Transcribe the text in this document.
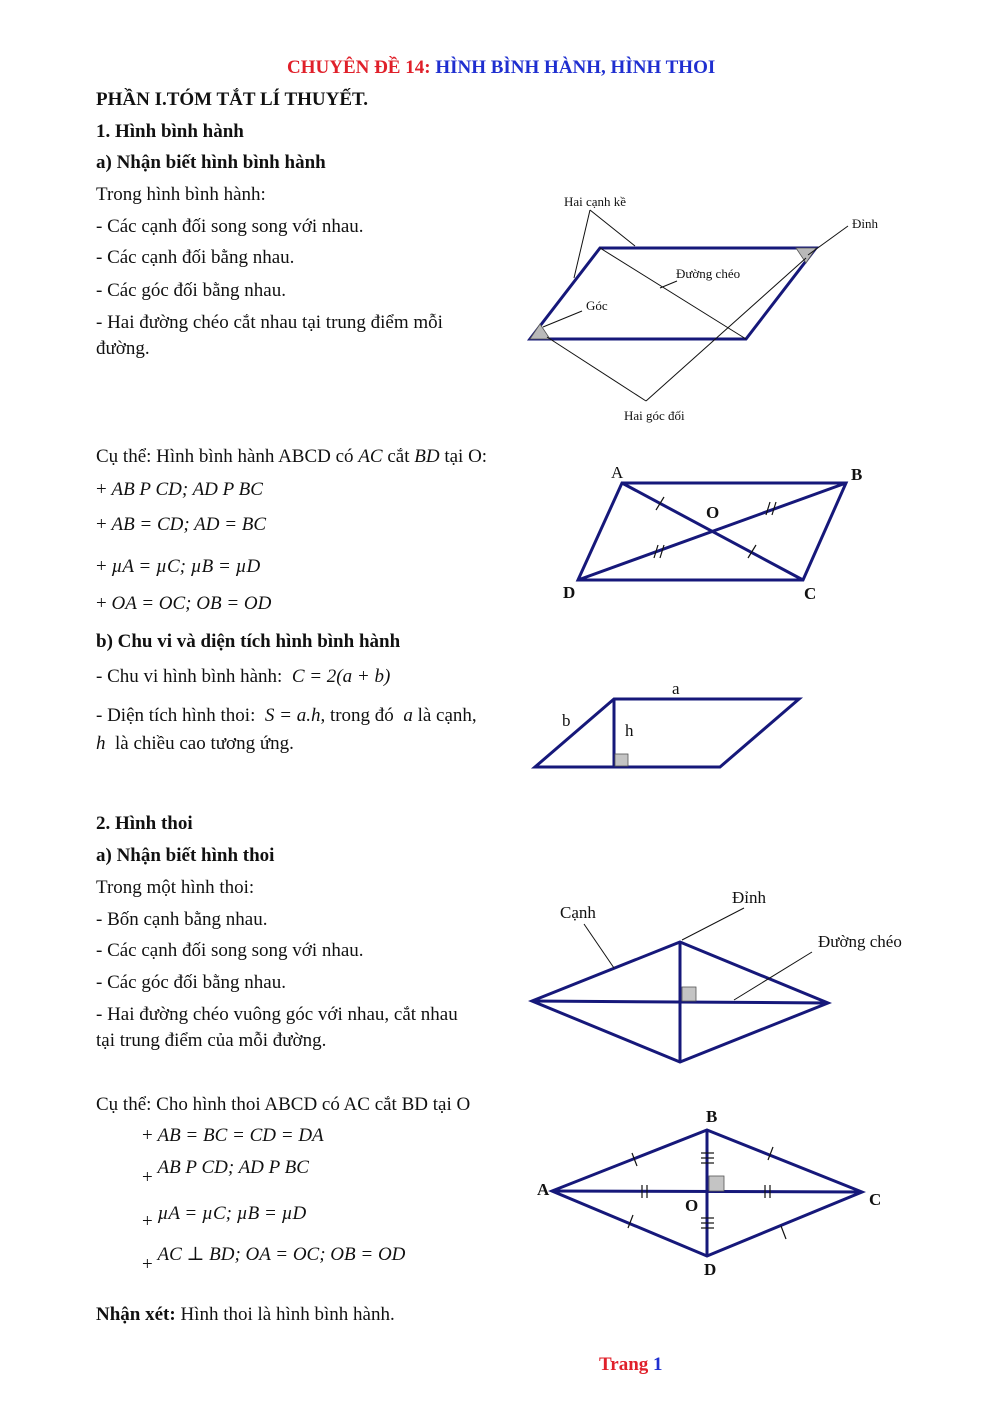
CHUYÊN ĐỀ 14: HÌNH BÌNH HÀNH, HÌNH THOI
PHẦN I.TÓM TẮT LÍ THUYẾT.
1. Hình bình hành
a) Nhận biết hình bình hành
Trong hình bình hành:
- Các cạnh đối song song với nhau.
- Các cạnh đối bằng nhau.
- Các góc đối bằng nhau.
- Hai đường chéo cắt nhau tại trung điểm mỗi
đường.
Hai cạnh kề
Đỉnh
Đường chéo
Góc
Hai góc đối
Cụ thể: Hình bình hành ABCD có AC cắt BD tại O:
+ AB P CD; AD P BC
+ AB = CD; AD = BC
+ µA = µC; µB = µD
+ OA = OC; OB = OD
A	B
C
D
O
b) Chu vi và diện tích hình bình hành
- Chu vi hình bình hành: C = 2(a + b)
- Diện tích hình thoi: S = a.h, trong đó a là cạnh,
h là chiều cao tương ứng.
a
b
h
2. Hình thoi
a) Nhận biết hình thoi
Trong một hình thoi:
- Bốn cạnh bằng nhau.
- Các cạnh đối song song với nhau.
- Các góc đối bằng nhau.
- Hai đường chéo vuông góc với nhau, cắt nhau
tại trung điểm của mỗi đường.
Cạnh
Đỉnh
Đường chéo
Cụ thể: Cho hình thoi ABCD có AC cắt BD tại O
+ AB = BC = CD = DA
+ AB P CD; AD P BC
+ µA = µC; µB = µD
+ AC ⊥ BD; OA = OC; OB = OD
A
B
C
D
O
Nhận xét: Hình thoi là hình bình hành.
Trang 1
